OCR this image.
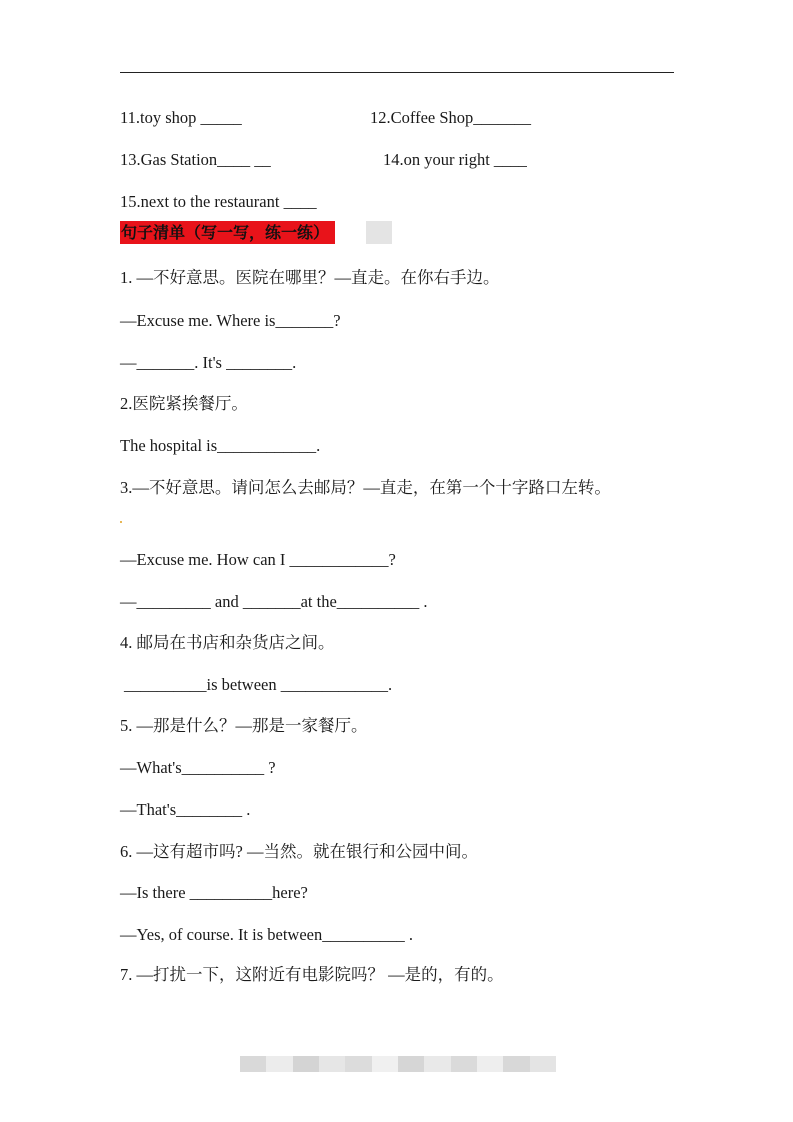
11.toy shop _____	12.Coffee Shop_______
13.Gas Station____ __	14.on your right ____
15.next to the restaurant ____
句子清单（写一写，练一练）
1. —不好意思。医院在哪里？—直走。在你右手边。
—Excuse me. Where is_______?
—_______. It's ________.
2.医院紧挨餐厅。
The hospital is____________.
3.—不好意思。请问怎么去邮局？—直走，在第一个十字路口左转。
—Excuse me. How can I ____________?
—_________ and _______at the__________ .
4. 邮局在书店和杂货店之间。
__________is between _____________.
5. —那是什么？—那是一家餐厅。
—What's__________ ?
—That's________ .
6. —这有超市吗? —当然。就在银行和公园中间。
—Is there __________here?
—Yes, of course. It is between__________ .
7. —打扰一下，这附近有电影院吗？ —是的，有的。
